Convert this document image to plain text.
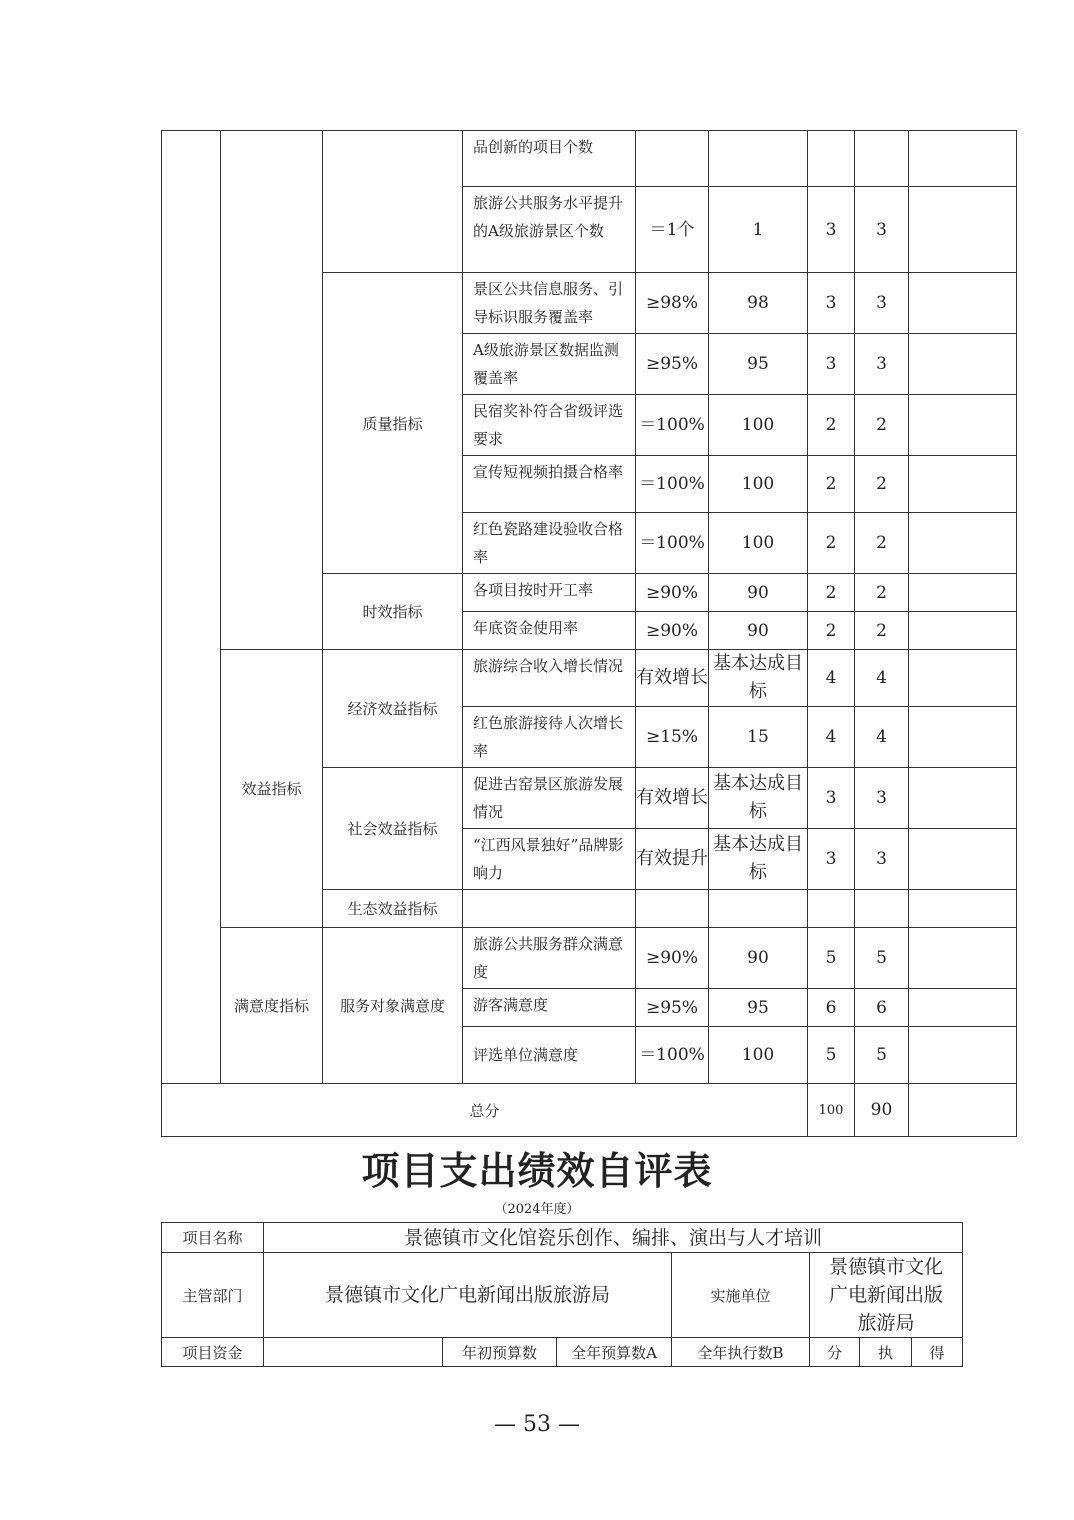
			品创新的项目个数					
			旅游公共服务水平提升的A级旅游景区个数	＝1个	1	3	3	
		质量指标	景区公共信息服务、引导标识服务覆盖率	≥98%	98	3	3	
			A级旅游景区数据监测覆盖率	≥95%	95	3	3	
			民宿奖补符合省级评选要求	＝100%	100	2	2	
			宣传短视频拍摄合格率	＝100%	100	2	2	
			红色瓷路建设验收合格率	＝100%	100	2	2	
		时效指标	各项目按时开工率	≥90%	90	2	2	
			年底资金使用率	≥90%	90	2	2	
	效益指标	经济效益指标	旅游综合收入增长情况	有效增长	基本达成目标	4	4	
			红色旅游接待人次增长率	≥15%	15	4	4	
		社会效益指标	促进古窑景区旅游发展情况	有效增长	基本达成目标	3	3	
			“江西风景独好”品牌影响力	有效提升	基本达成目标	3	3	
		生态效益指标						
	满意度指标	服务对象满意度	旅游公共服务群众满意度	≥90%	90	5	5	
			游客满意度	≥95%	95	6	6	
			评选单位满意度	＝100%	100	5	5	
总分						100	90	
项目支出绩效自评表
（2024年度）
项目名称	景德镇市文化馆瓷乐创作、编排、演出与人才培训						
主管部门	景德镇市文化广电新闻出版旅游局			实施单位	景德镇市文化广电新闻出版旅游局		
项目资金		年初预算数	全年预算数A	全年执行数B	分	执	得
— 53 —
